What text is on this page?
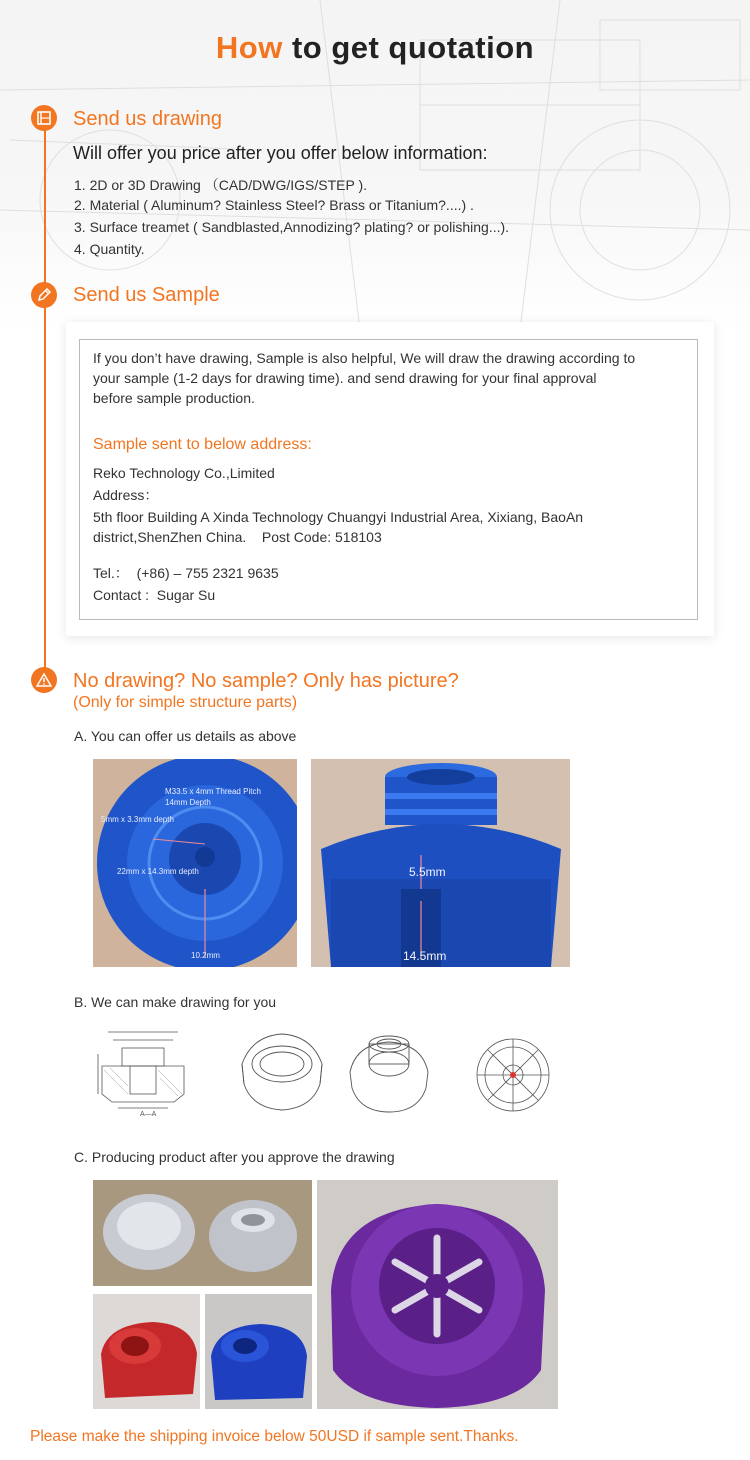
How to get quotation
Send us drawing
Will offer you price after you offer below information:
1. 2D or 3D Drawing （CAD/DWG/IGS/STEP ).
2. Material ( Aluminum? Stainless Steel? Brass or Titanium?....) .
3. Surface treamet ( Sandblasted,Annodizing? plating? or polishing...).
4. Quantity.
Send us Sample
If you don’t have drawing, Sample is also helpful, We will draw the drawing according to
your sample (1-2 days for drawing time). and send drawing for your final approval
before sample production.
Sample sent to below address:
Reko Technology Co.,Limited
Address：
5th floor Building A Xinda Technology Chuangyi Industrial Area, Xixiang, BaoAn
district,ShenZhen China.    Post Code: 518103
Tel.：  (+86) – 755 2321 9635
Contact :  Sugar Su
No drawing? No sample? Only has picture?
(Only for simple structure parts)
A. You can offer us details as above
M33.5 x 4mm Thread Pitch
14mm Depth
5mm x 3.3mm depth
22mm x 14.3mm depth
10.2mm
5.5mm
14.5mm
B. We can make drawing for you
A—A
C. Producing product after you approve the drawing
Please make the shipping invoice below 50USD if sample sent.Thanks.
